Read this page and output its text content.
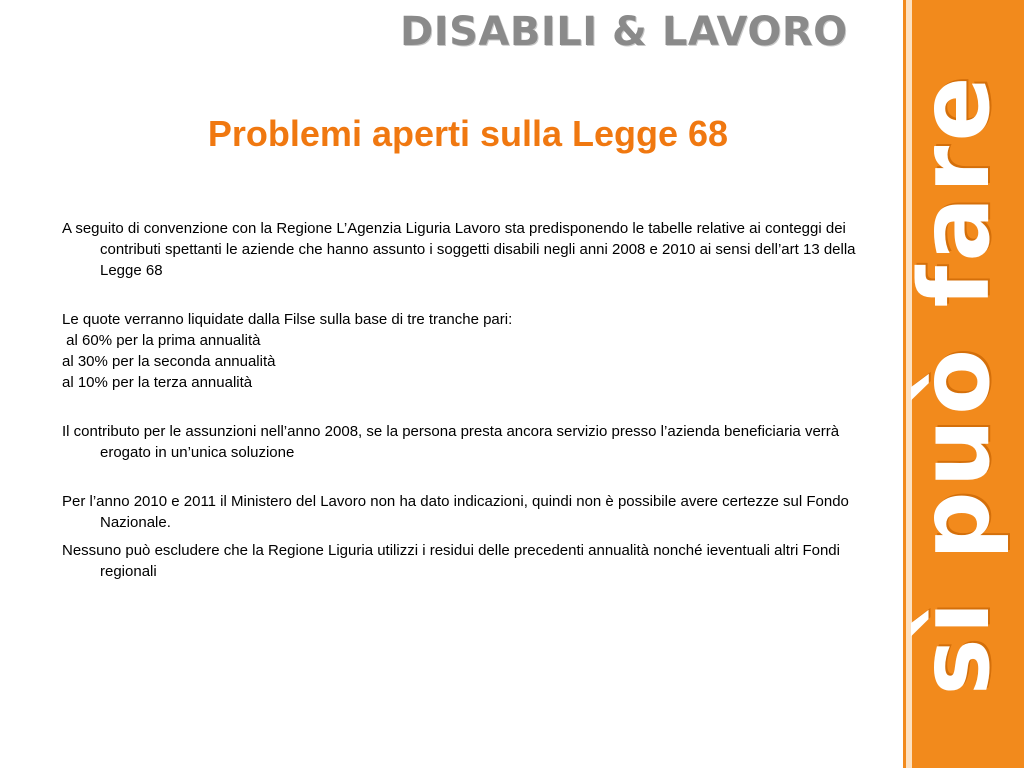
DISABILI & LAVORO
sì può fare
Problemi aperti sulla Legge 68

A seguito di convenzione con la Regione L’Agenzia Liguria Lavoro sta predisponendo le tabelle relative ai conteggi dei contributi spettanti le aziende che hanno assunto i soggetti disabili negli anni 2008 e 2010 ai sensi dell’art 13 della Legge 68

Le quote verranno liquidate dalla Filse sulla base di tre tranche pari:

al 60% per la prima annualità

al 30% per la seconda annualità

al 10% per la terza annualità

Il contributo per le assunzioni nell’anno 2008, se la persona presta ancora servizio presso l’azienda beneficiaria verrà erogato in un’unica soluzione

Per l’anno 2010 e 2011 il Ministero del Lavoro non ha dato indicazioni, quindi non è possibile avere certezze sul Fondo Nazionale.

Nessuno può escludere che la Regione Liguria utilizzi i residui delle precedenti annualità nonché ieventuali altri Fondi regionali
